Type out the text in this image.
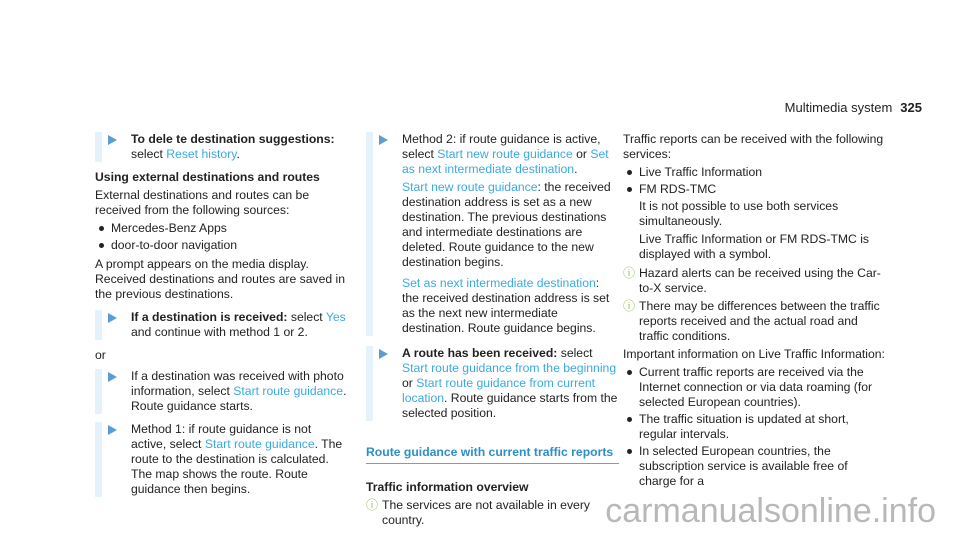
Multimedia system 325
To dele te destination suggestions: select Reset history.

Using external destinations and routes

External destinations and routes can be received from the following sources:

Mercedes-Benz Apps
door-to-door navigation

A prompt appears on the media display. Received destinations and routes are saved in the previous destinations.

If a destination is received: select Yes and continue with method 1 or 2.

or

If a destination was received with photo information, select Start route guidance. Route guidance starts.
Method 1: if route guidance is not active, select Start route guidance. The route to the destination is calculated. The map shows the route. Route guidance then begins.

Method 2: if route guidance is active, select Start new route guidance or Set as next intermediate destination.

Start new route guidance: the received destination address is set as a new destination. The previous destinations and intermediate destinations are deleted. Route guidance to the new destination begins.

Set as next intermediate destination: the received destination address is set as the next new intermediate destination. Route guidance begins.

A route has been received: select Start route guidance from the beginning or Start route guidance from current location. Route guidance starts from the selected position.
Route guidance with current traffic reports
Traffic information overview
ⓘ The services are not available in every country.

Traffic reports can be received with the following services:

Live Traffic Information
FM RDS-TMC

It is not possible to use both services simultaneously.

Live Traffic Information or FM RDS-TMC is displayed with a symbol.

ⓘ Hazard alerts can be received using the Car-to-X service.
ⓘ There may be differences between the traffic reports received and the actual road and traffic conditions.

Important information on Live Traffic Information:

Current traffic reports are received via the Internet connection or via data roaming (for selected European countries).
The traffic situation is updated at short, regular intervals.
In selected European countries, the subscription service is available free of charge for a
carmanualsonline.info
